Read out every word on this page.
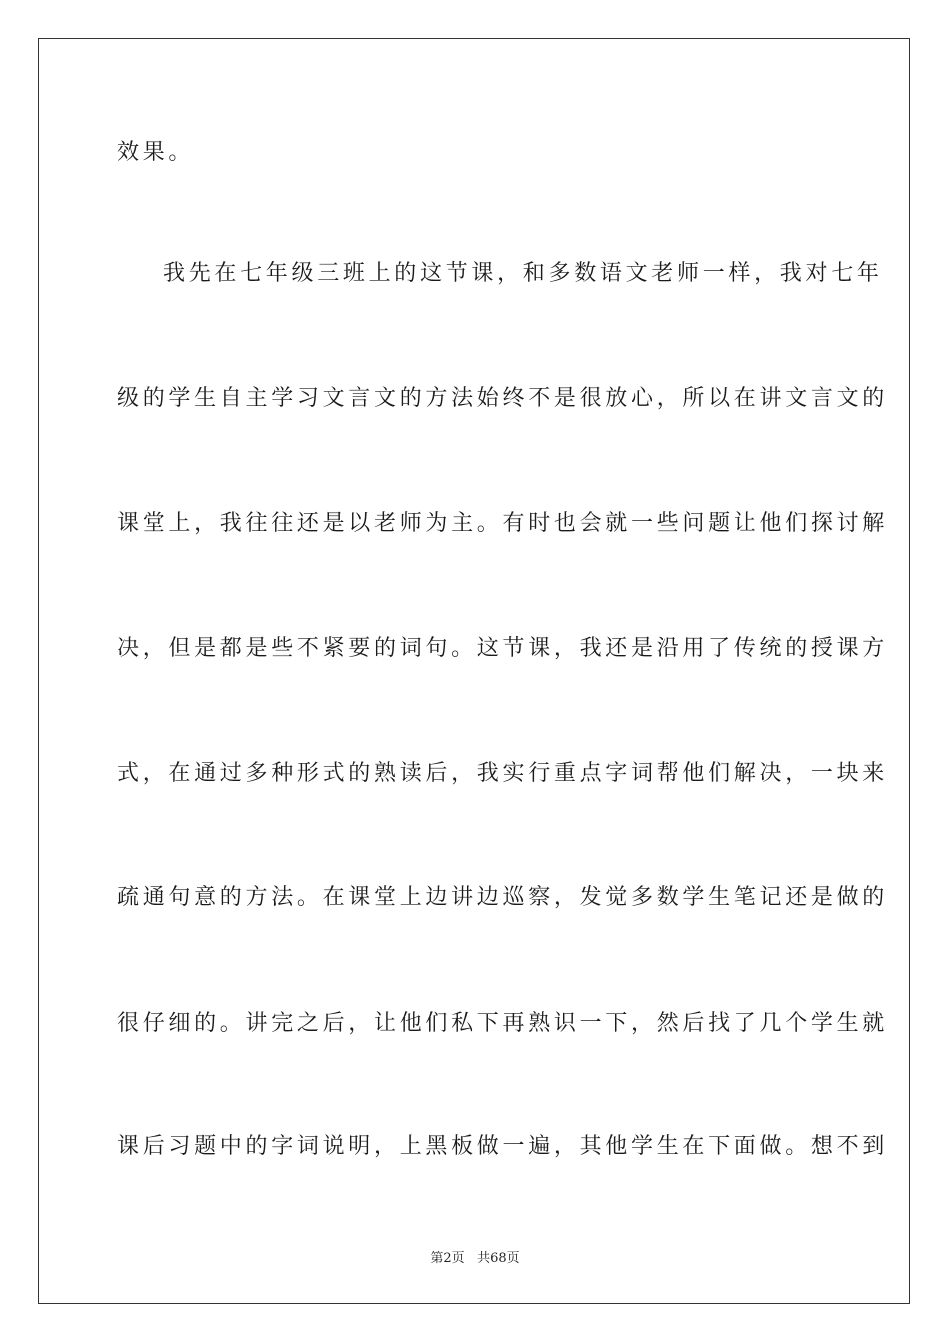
效果。
我先在七年级三班上的这节课，和多数语文老师一样，我对七年
级的学生自主学习文言文的方法始终不是很放心，所以在讲文言文的
课堂上，我往往还是以老师为主。有时也会就一些问题让他们探讨解
决，但是都是些不紧要的词句。这节课，我还是沿用了传统的授课方
式，在通过多种形式的熟读后，我实行重点字词帮他们解决，一块来
疏通句意的方法。在课堂上边讲边巡察，发觉多数学生笔记还是做的
很仔细的。讲完之后，让他们私下再熟识一下，然后找了几个学生就
课后习题中的字词说明，上黑板做一遍，其他学生在下面做。想不到
第2页 共68页
